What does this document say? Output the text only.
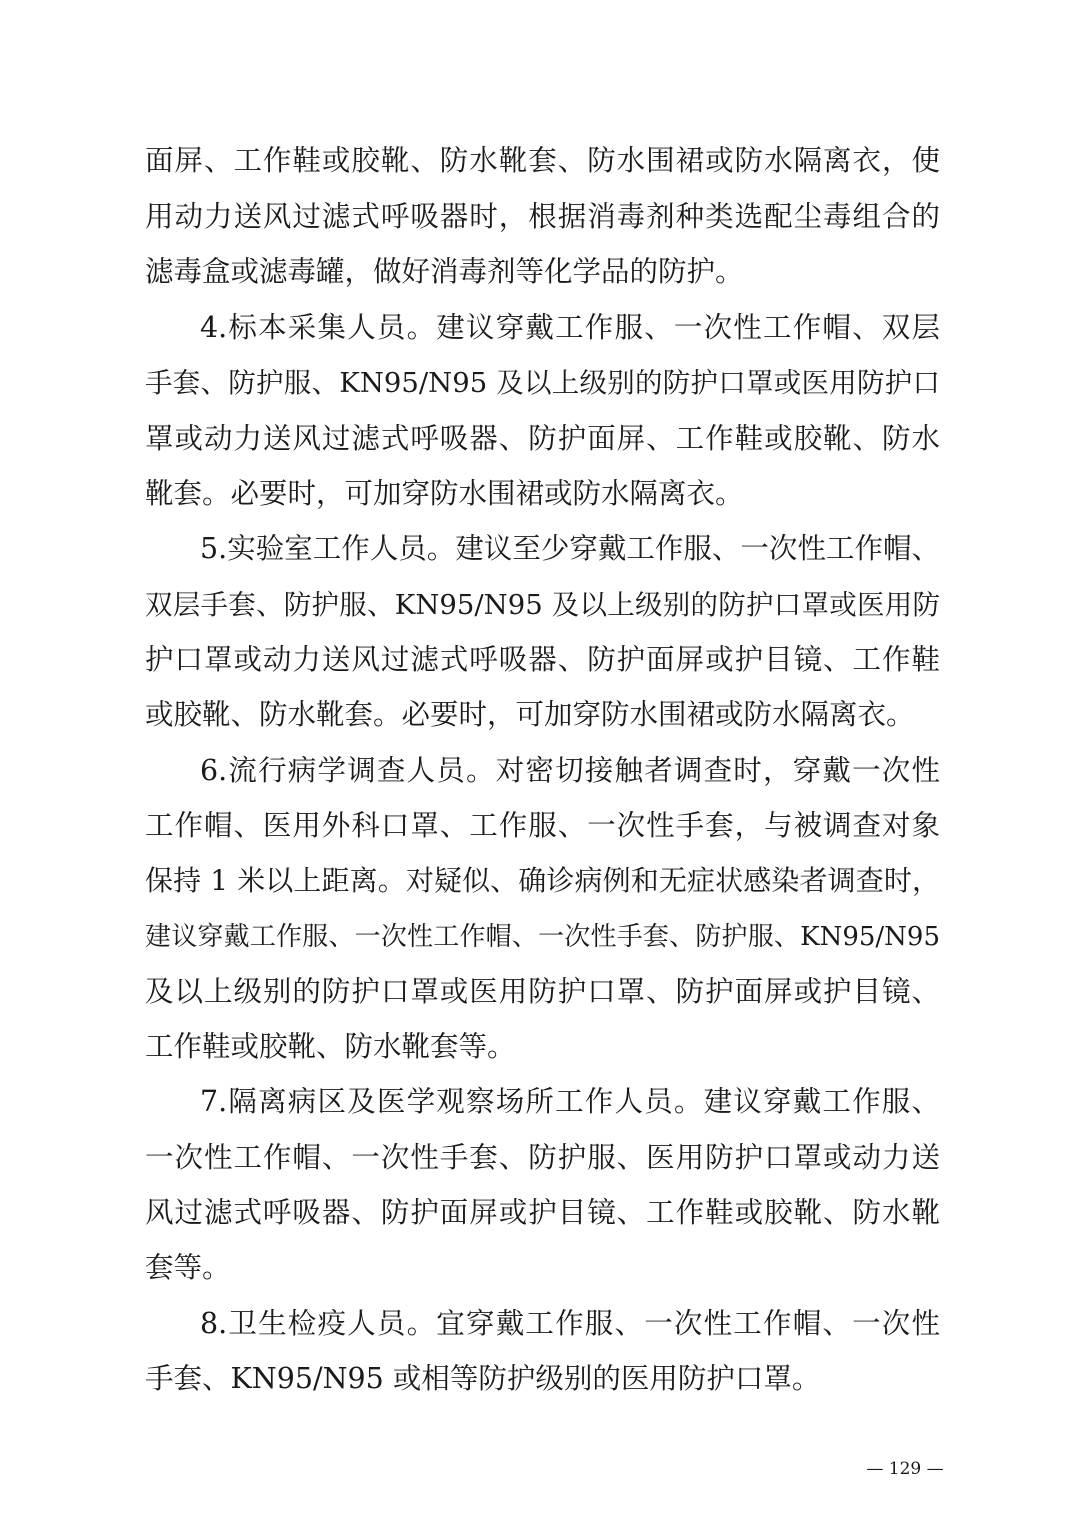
面屏、工作鞋或胶靴、防水靴套、防水围裙或防水隔离衣，使
用动力送风过滤式呼吸器时，根据消毒剂种类选配尘毒组合的
滤毒盒或滤毒罐，做好消毒剂等化学品的防护。
4.标本采集人员。建议穿戴工作服、一次性工作帽、双层
手套、防护服、KN95/N95 及以上级别的防护口罩或医用防护口
罩或动力送风过滤式呼吸器、防护面屏、工作鞋或胶靴、防水
靴套。必要时，可加穿防水围裙或防水隔离衣。
5.实验室工作人员。建议至少穿戴工作服、一次性工作帽、
双层手套、防护服、KN95/N95 及以上级别的防护口罩或医用防
护口罩或动力送风过滤式呼吸器、防护面屏或护目镜、工作鞋
或胶靴、防水靴套。必要时，可加穿防水围裙或防水隔离衣。
6.流行病学调查人员。对密切接触者调查时，穿戴一次性
工作帽、医用外科口罩、工作服、一次性手套，与被调查对象
保持 1 米以上距离。对疑似、确诊病例和无症状感染者调查时，
建议穿戴工作服、一次性工作帽、一次性手套、防护服、KN95/N95
及以上级别的防护口罩或医用防护口罩、防护面屏或护目镜、
工作鞋或胶靴、防水靴套等。
7.隔离病区及医学观察场所工作人员。建议穿戴工作服、
一次性工作帽、一次性手套、防护服、医用防护口罩或动力送
风过滤式呼吸器、防护面屏或护目镜、工作鞋或胶靴、防水靴
套等。
8.卫生检疫人员。宜穿戴工作服、一次性工作帽、一次性
手套、KN95/N95 或相等防护级别的医用防护口罩。
— 129 —
